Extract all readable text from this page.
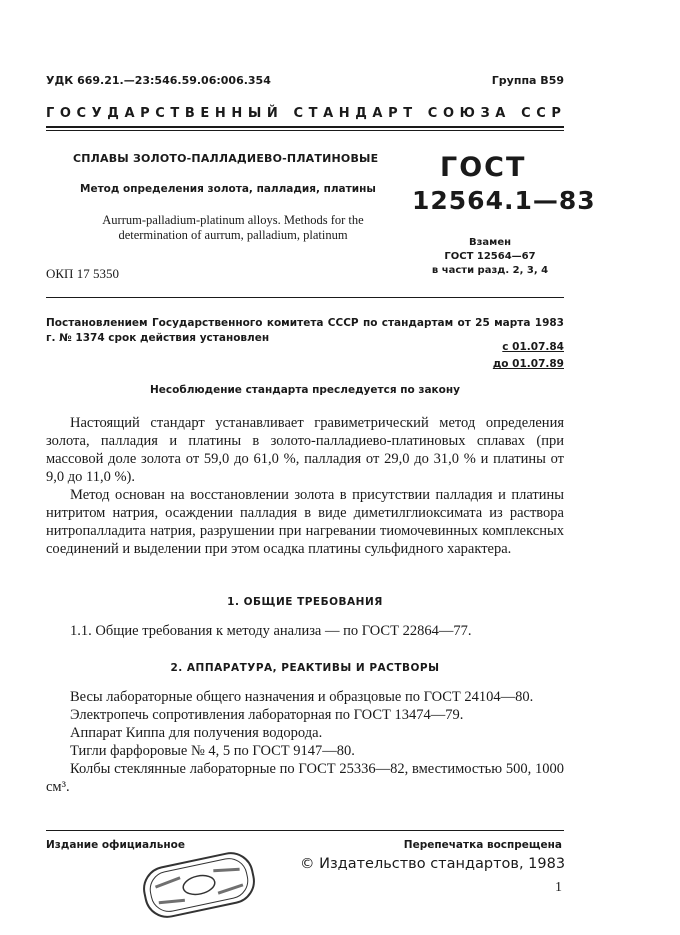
УДК 669.21.—23:546.59.06:006.354	Группа В59
ГОСУДАРСТВЕННЫЙ СТАНДАРТ СОЮЗА ССР
СПЛАВЫ ЗОЛОТО-ПАЛЛАДИЕВО-ПЛАТИНОВЫЕ
Метод определения золота, палладия, платины
Aurrum-palladium-platinum alloys. Methods for the determination of aurrum, palladium, platinum
ОКП 17 5350
ГОСТ
12564.1—83
Взамен
ГОСТ 12564—67
в части разд. 2, 3, 4
Постановлением Государственного комитета СССР по стандартам от 25 марта 1983 г. № 1374 срок действия установлен
с 01.07.84
до 01.07.89
Несоблюдение стандарта преследуется по закону
Настоящий стандарт устанавливает гравиметрический метод определения золота, палладия и платины в золото-палладиево-платиновых сплавах (при массовой доле золота от 59,0 до 61,0 %, палладия от 29,0 до 31,0 % и платины от 9,0 до 11,0 %).
Метод основан на восстановлении золота в присутствии палладия и платины нитритом натрия, осаждении палладия в виде диметилглиоксимата из раствора нитропалладита натрия, разрушении при нагревании тиомочевинных комплексных соединений и выделении при этом осадка платины сульфидного характера.
1. ОБЩИЕ ТРЕБОВАНИЯ
1.1. Общие требования к методу анализа — по ГОСТ 22864—77.
2. АППАРАТУРА, РЕАКТИВЫ И РАСТВОРЫ
Весы лабораторные общего назначения и образцовые по ГОСТ 24104—80.
Электропечь сопротивления лабораторная по ГОСТ 13474—79.
Аппарат Киппа для получения водорода.
Тигли фарфоровые № 4, 5 по ГОСТ 9147—80.
Колбы стеклянные лабораторные по ГОСТ 25336—82, вместимостью 500, 1000 см³.
Издание официальное	Перепечатка воспрещена
© Издательство стандартов, 1983
1
